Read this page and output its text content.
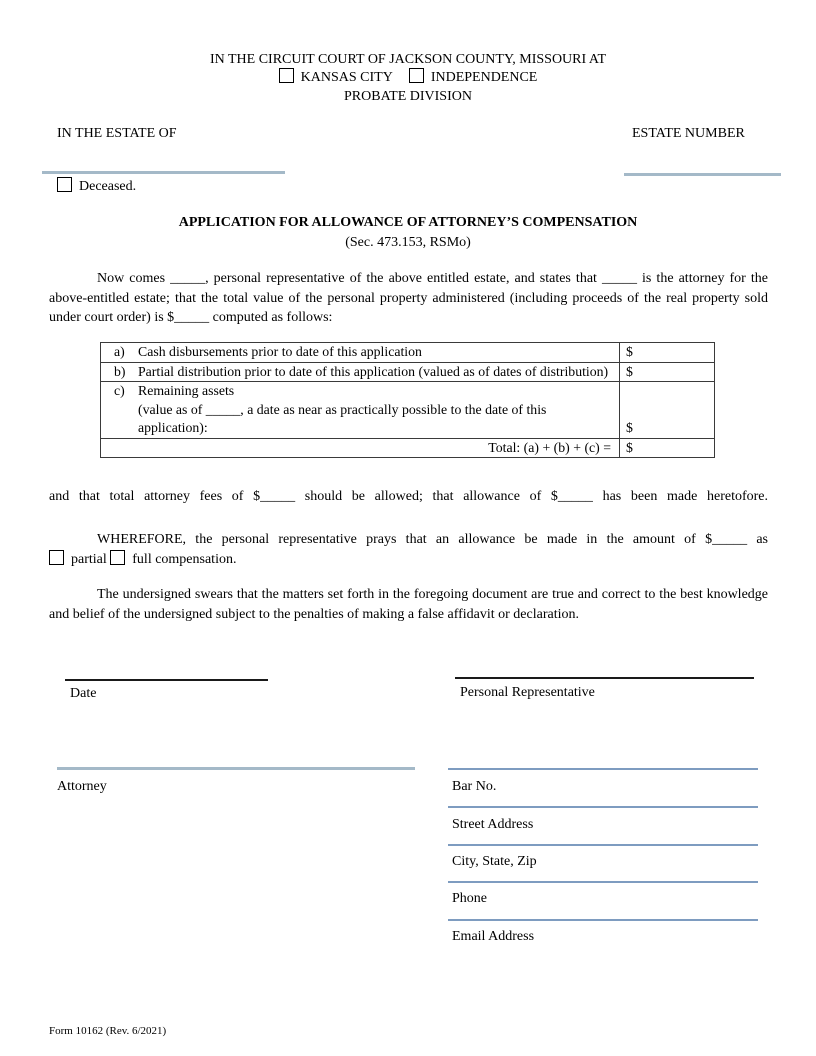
IN THE CIRCUIT COURT OF JACKSON COUNTY, MISSOURI AT
KANSAS CITY	INDEPENDENCE
PROBATE DIVISION
IN THE ESTATE OF	ESTATE NUMBER
Deceased.
APPLICATION FOR ALLOWANCE OF ATTORNEY’S COMPENSATION
(Sec. 473.153, RSMo)
Now comes _____, personal representative of the above entitled estate, and states that _____ is the attorney for the above-entitled estate; that the total value of the personal property administered (including proceeds of the real property sold under court order) is $_____ computed as follows:
a) Cash disbursements prior to date of this application	$

b) Partial distribution prior to date of this application (valued as of dates of distribution)	$

c) Remaining assets
(value as of _____, a date as near as practically possible to the date of this application):	$
Total: (a) + (b) + (c) =	$
and that total attorney fees of $_____ should be allowed; that allowance of $_____ has been made heretofore.
WHEREFORE, the personal representative prays that an allowance be made in the amount of $_____ as
partial full compensation.
The undersigned swears that the matters set forth in the foregoing document are true and correct to the best knowledge and belief of the undersigned subject to the penalties of making a false affidavit or declaration.
Date	Personal Representative
Attorney	Bar No.
Street Address
City, State, Zip
Phone
Email Address
Form 10162 (Rev. 6/2021)
